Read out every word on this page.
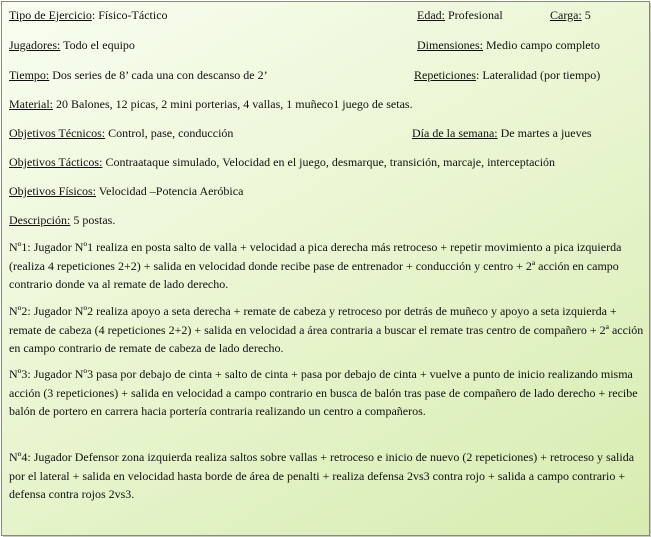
Tipo de Ejercicio: Físico-Táctico	Edad: Profesional	Carga: 5
Jugadores: Todo el equipo	Dimensiones: Medio campo completo
Tiempo: Dos series de 8’ cada una con descanso de 2’	Repeticiones: Lateralidad (por tiempo)
Material: 20 Balones, 12 picas, 2 mini porterias, 4 vallas, 1 muñeco1 juego de setas.
Objetivos Técnicos: Control, pase, conducción	Día de la semana: De martes a jueves
Objetivos Tácticos: Contraataque simulado, Velocidad en el juego, desmarque, transición, marcaje, interceptación
Objetivos Físicos: Velocidad –Potencia Aeróbica
Descripción: 5 postas.
Nº1: Jugador Nº1 realiza en posta salto de valla + velocidad a pica derecha más retroceso + repetir movimiento a pica izquierda (realiza 4 repeticiones 2+2) + salida en velocidad donde recibe pase de entrenador + conducción y centro + 2ª acción en campo contrario donde va al remate de lado derecho.
Nº2: Jugador Nº2 realiza apoyo a seta derecha + remate de cabeza y retroceso por detrás de muñeco y apoyo a seta izquierda + remate de cabeza (4 repeticiones 2+2) + salida en velocidad a área contraria a buscar el remate tras centro de compañero + 2ª acción en campo contrario de remate de cabeza de lado derecho.
Nº3: Jugador Nº3 pasa por debajo de cinta + salto de cinta + pasa por debajo de cinta + vuelve a punto de inicio realizando misma acción (3 repeticiones) + salida en velocidad a campo contrario en busca de balón tras pase de compañero de lado derecho + recibe balón de portero en carrera hacia portería contraria realizando un centro a compañeros.
Nº4: Jugador Defensor zona izquierda realiza saltos sobre vallas + retroceso e inicio de nuevo (2 repeticiones) + retroceso y salida por el lateral + salida en velocidad hasta borde de área de penalti + realiza defensa 2vs3 contra rojo + salida a campo contrario + defensa contra rojos 2vs3.
